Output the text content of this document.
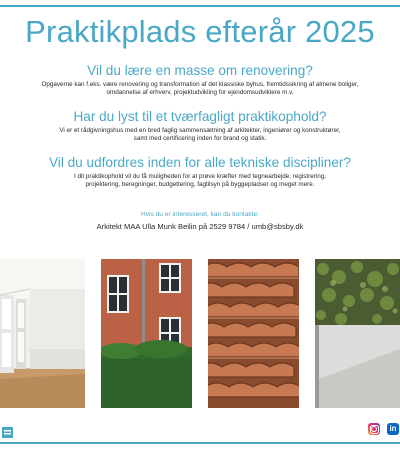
Praktikplads efterår 2025
Vil du lære en masse om renovering?

Opgaverne kan f.eks. være renovering og transformation af det klassiske byhus, fremtidssikring af almene boliger,
omdannelse af erhverv, projektudvikling for ejendomsudviklere m.v.

Har du lyst til et tværfagligt praktikophold?

Vi er et rådgivningshus med en bred faglig sammensætning af arkitekter, ingeniører og konstruktører,
samt med certificering inden for brand og statik.

Vil du udfordres inden for alle tekniske discipliner?

I dit praktikophold vil du få muligheden for at prøve kræfter med tegnearbejde, registrering,
projektering, beregninger, budgettering, fagtilsyn på byggepladser og meget mere.

Hvis du er interesseret, kan du kontakte:
Arkitekt MAA Ulla Munk Beilin på 2529 9784 / umb@sbsby.dk
in
